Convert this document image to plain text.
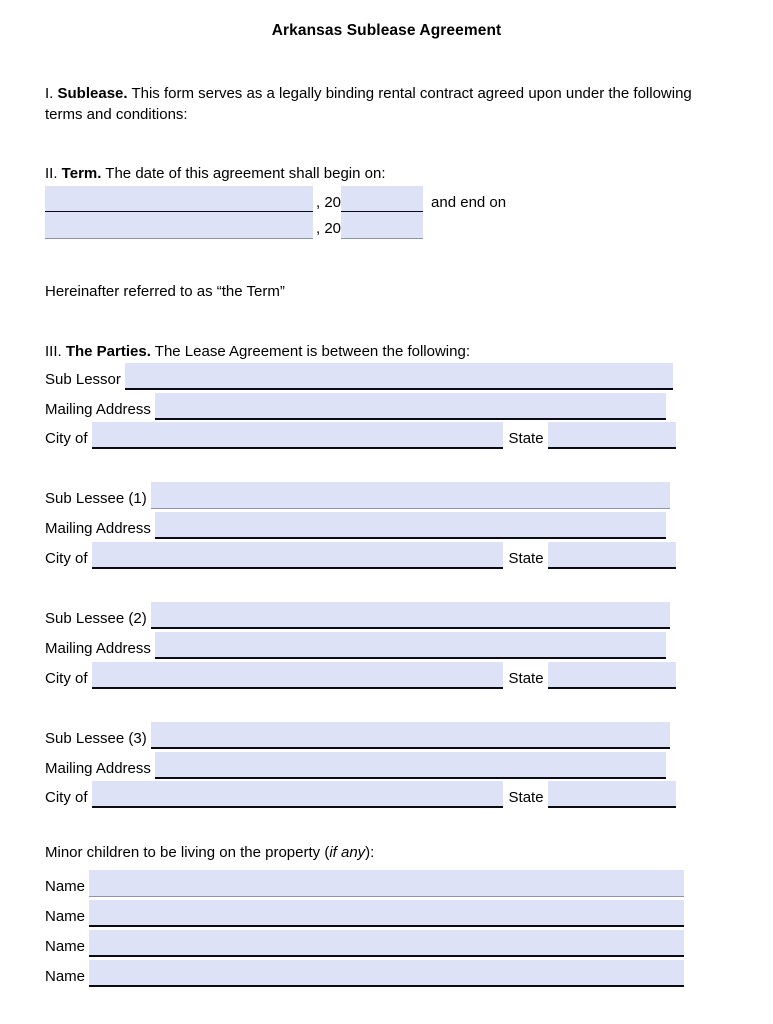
Arkansas Sublease Agreement
I. Sublease. This form serves as a legally binding rental contract agreed upon under the following terms and conditions:
II. Term. The date of this agreement shall begin on:
, 20	and end on
, 20
Hereinafter referred to as “the Term”
III. The Parties. The Lease Agreement is between the following:
Sub Lessor
Mailing Address
City of	State
Sub Lessee (1)
Mailing Address
City of	State
Sub Lessee (2)
Mailing Address
City of	State
Sub Lessee (3)
Mailing Address
City of	State
Minor children to be living on the property (if any):
Name
Name
Name
Name
